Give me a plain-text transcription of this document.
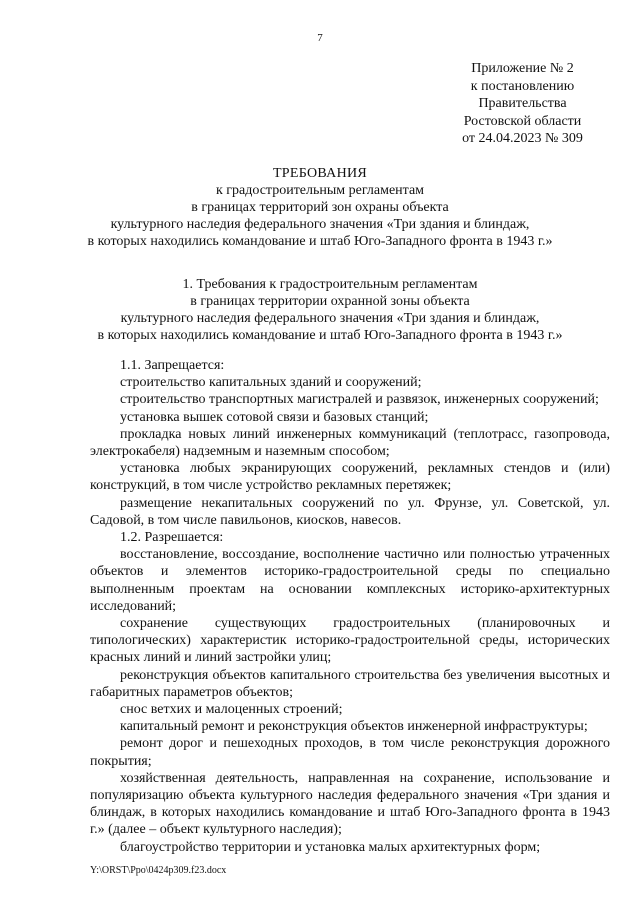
7
Приложение № 2
к постановлению
Правительства
Ростовской области
от 24.04.2023 № 309
ТРЕБОВАНИЯ
к градостроительным регламентам
в границах территорий зон охраны объекта
культурного наследия федерального значения «Три здания и блиндаж,
в которых находились командование и штаб Юго-Западного фронта в 1943 г.»
1. Требования к градостроительным регламентам
в границах территории охранной зоны объекта
культурного наследия федерального значения «Три здания и блиндаж,
в которых находились командование и штаб Юго-Западного фронта в 1943 г.»

1.1. Запрещается:

строительство капитальных зданий и сооружений;

строительство транспортных магистралей и развязок, инженерных сооружений;

установка вышек сотовой связи и базовых станций;

прокладка новых линий инженерных коммуникаций (теплотрасс, газопровода, электрокабеля) надземным и наземным способом;

установка любых экранирующих сооружений, рекламных стендов и (или) конструкций, в том числе устройство рекламных перетяжек;

размещение некапитальных сооружений по ул. Фрунзе, ул. Советской, ул. Садовой, в том числе павильонов, киосков, навесов.

1.2. Разрешается:

восстановление, воссоздание, восполнение частично или полностью утраченных объектов и элементов историко-градостроительной среды по специально выполненным проектам на основании комплексных историко-архитектурных исследований;

сохранение существующих градостроительных (планировочных и типологических) характеристик историко-градостроительной среды, исторических красных линий и линий застройки улиц;

реконструкция объектов капитального строительства без увеличения высотных и габаритных параметров объектов;

снос ветхих и малоценных строений;

капитальный ремонт и реконструкция объектов инженерной инфраструктуры;

ремонт дорог и пешеходных проходов, в том числе реконструкция дорожного покрытия;

хозяйственная деятельность, направленная на сохранение, использование и популяризацию объекта культурного наследия федерального значения «Три здания и блиндаж, в которых находились командование и штаб Юго-Западного фронта в 1943 г.» (далее – объект культурного наследия);

благоустройство территории и установка малых архитектурных форм;

Y:\ORST\Ppo\0424p309.f23.docx
